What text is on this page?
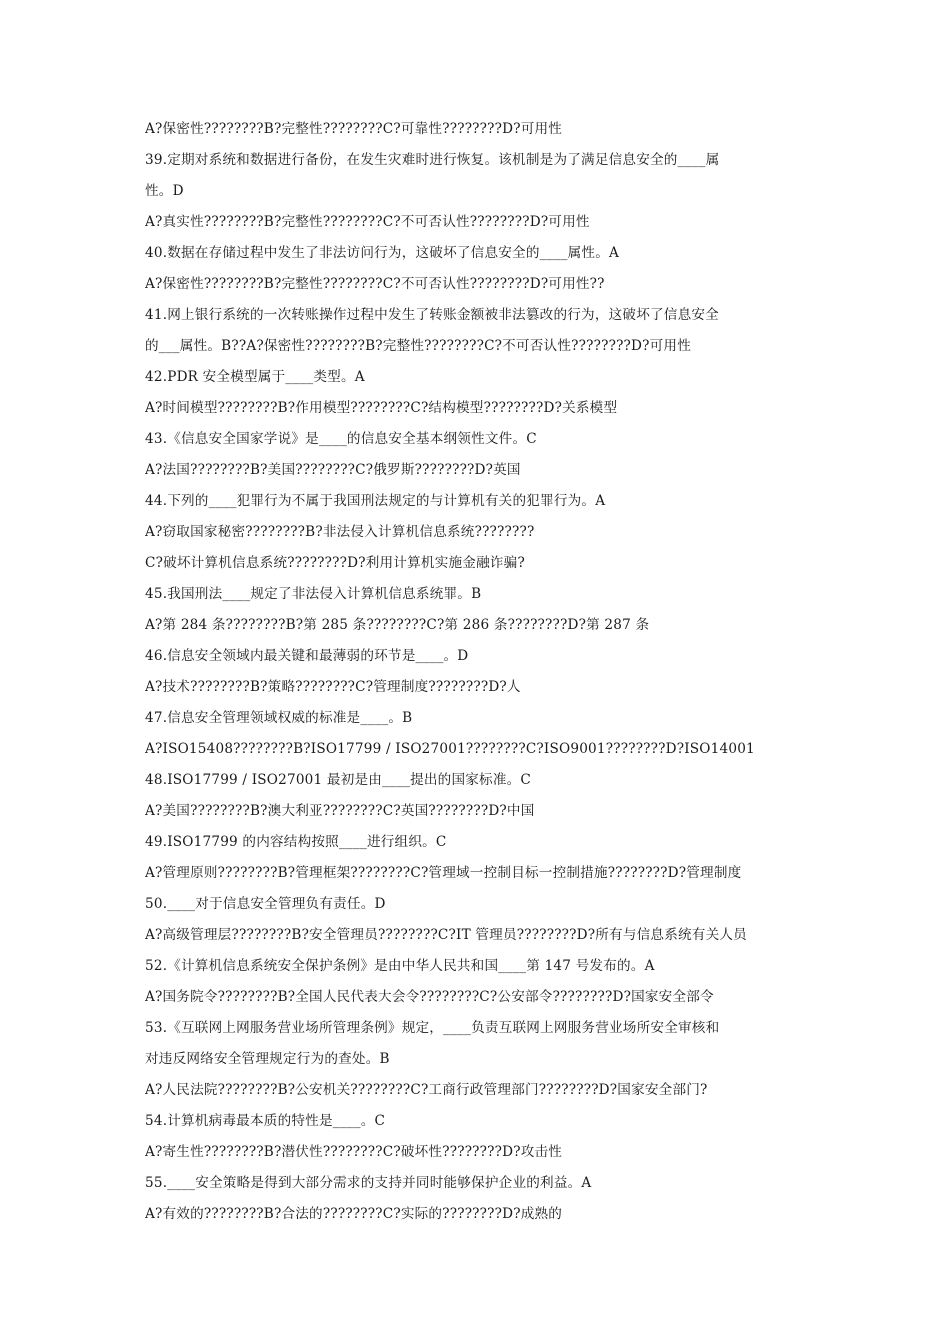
A?保密性????????B?完整性????????C?可靠性????????D?可用性
39.定期对系统和数据进行备份，在发生灾难时进行恢复。该机制是为了满足信息安全的____属
性。D
A?真实性????????B?完整性????????C?不可否认性????????D?可用性
40.数据在存储过程中发生了非法访问行为，这破坏了信息安全的____属性。A
A?保密性????????B?完整性????????C?不可否认性????????D?可用性??
41.网上银行系统的一次转账操作过程中发生了转账金额被非法篡改的行为，这破坏了信息安全
的___属性。B??A?保密性????????B?完整性????????C?不可否认性????????D?可用性
42.PDR 安全模型属于____类型。A
A?时间模型????????B?作用模型????????C?结构模型????????D?关系模型
43.《信息安全国家学说》是____的信息安全基本纲领性文件。C
A?法国????????B?美国????????C?俄罗斯????????D?英国
44.下列的____犯罪行为不属于我国刑法规定的与计算机有关的犯罪行为。A
A?窃取国家秘密????????B?非法侵入计算机信息系统????????
C?破坏计算机信息系统????????D?利用计算机实施金融诈骗?
45.我国刑法____规定了非法侵入计算机信息系统罪。B
A?第 284 条????????B?第 285 条????????C?第 286 条????????D?第 287 条
46.信息安全领域内最关键和最薄弱的环节是____。D
A?技术????????B?策略????????C?管理制度????????D?人
47.信息安全管理领域权威的标准是____。B
A?ISO15408????????B?ISO17799 / ISO27001????????C?ISO9001????????D?ISO14001
48.ISO17799 / ISO27001 最初是由____提出的国家标准。C
A?美国????????B?澳大利亚????????C?英国????????D?中国
49.ISO17799 的内容结构按照____进行组织。C
A?管理原则????????B?管理框架????????C?管理域一控制目标一控制措施????????D?管理制度
50.____对于信息安全管理负有责任。D
A?高级管理层????????B?安全管理员????????C?IT 管理员????????D?所有与信息系统有关人员
52.《计算机信息系统安全保护条例》是由中华人民共和国____第 147 号发布的。A
A?国务院令????????B?全国人民代表大会令????????C?公安部令????????D?国家安全部令
53.《互联网上网服务营业场所管理条例》规定，____负责互联网上网服务营业场所安全审核和
对违反网络安全管理规定行为的查处。B
A?人民法院????????B?公安机关????????C?工商行政管理部门????????D?国家安全部门?
54.计算机病毒最本质的特性是____。C
A?寄生性????????B?潜伏性????????C?破坏性????????D?攻击性
55.____安全策略是得到大部分需求的支持并同时能够保护企业的利益。A
A?有效的????????B?合法的????????C?实际的????????D?成熟的
